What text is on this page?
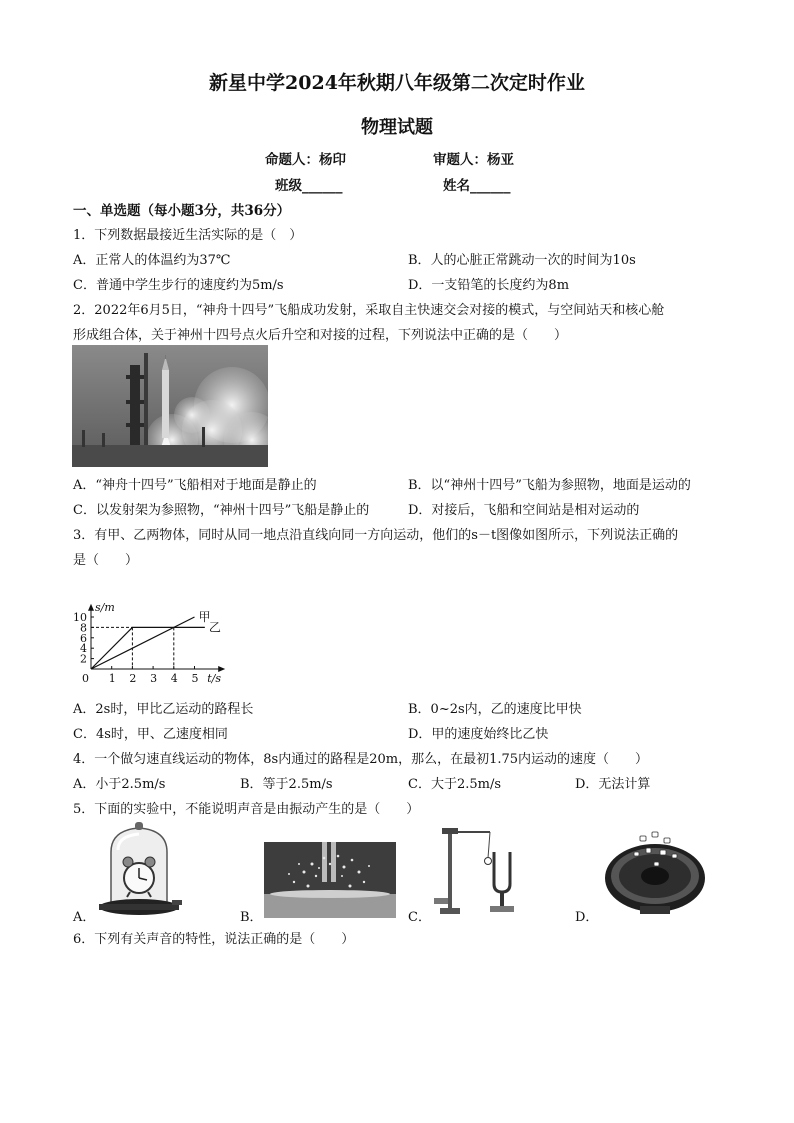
新星中学2024年秋期八年级第二次定时作业
物理试题
命题人：杨印	审题人：杨亚
班级______	姓名______
一、单选题（每小题3分，共36分）
1．下列数据最接近生活实际的是（　）
A．正常人的体温约为37℃	B．人的心脏正常跳动一次的时间为10s
C．普通中学生步行的速度约为5m/s	D．一支铅笔的长度约为8m
2．2022年6月5日，“神舟十四号”飞船成功发射，采取自主快速交会对接的模式，与空间站天和核心舱
形成组合体，关于神州十四号点火后升空和对接的过程，下列说法中正确的是（　　）
A．“神舟十四号”飞船相对于地面是静止的	B．以“神州十四号”飞船为参照物，地面是运动的
C．以发射架为参照物，“神州十四号”飞船是静止的	D．对接后，飞船和空间站是相对运动的
3．有甲、乙两物体，同时从同一地点沿直线向同一方向运动，他们的s－t图像如图所示，下列说法正确的
是（　　）
0 1 2 3 4 5
2
4
6
8
10
t/s
s/m
甲
乙
A．2s时，甲比乙运动的路程长	B．0~2s内，乙的速度比甲快
C．4s时，甲、乙速度相同	D．甲的速度始终比乙快
4．一个做匀速直线运动的物体，8s内通过的路程是20m，那么，在最初1.75内运动的速度（　　）
A．小于2.5m/s	B．等于2.5m/s	C．大于2.5m/s	D．无法计算
5．下面的实验中，不能说明声音是由振动产生的是（　　）
A．	B．	C．	D．
6．下列有关声音的特性，说法正确的是（　　）
